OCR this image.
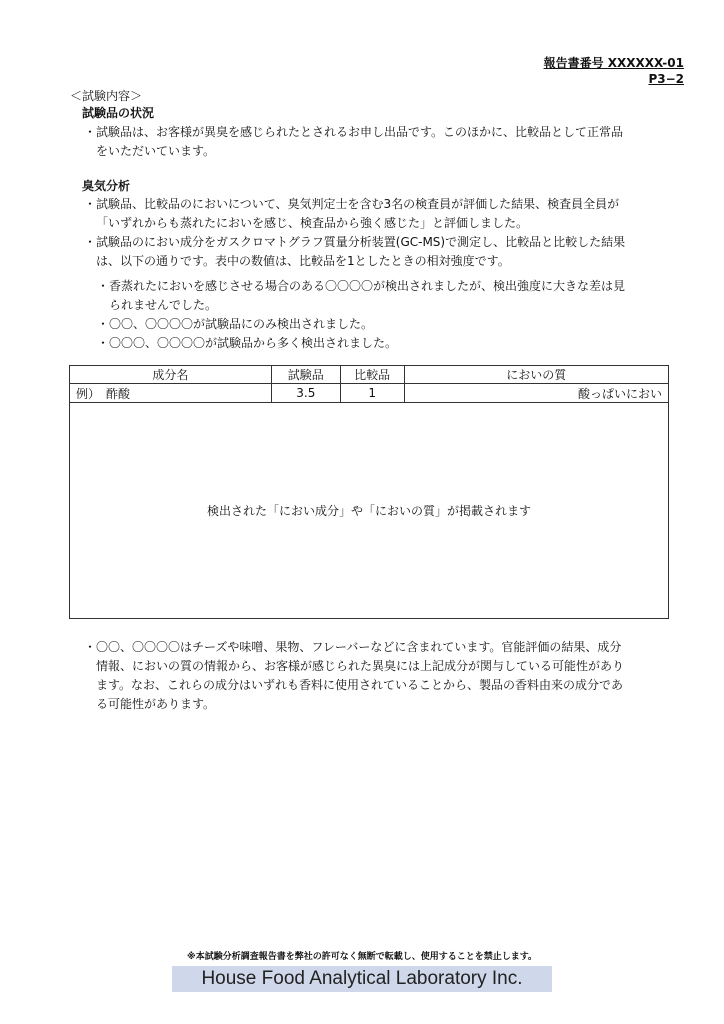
報告書番号 XXXXXX-01
P3−2
＜試験内容＞
試験品の状況
・試験品は、お客様が異臭を感じられたとされるお申し出品です。このほかに、比較品として正常品
をいただいています。
臭気分析
・試験品、比較品のにおいについて、臭気判定士を含む3名の検査員が評価した結果、検査員全員が
「いずれからも蒸れたにおいを感じ、検査品から強く感じた」と評価しました。
・試験品のにおい成分をガスクロマトグラフ質量分析装置(GC-MS)で測定し、比較品と比較した結果
は、以下の通りです。表中の数値は、比較品を1としたときの相対強度です。
・香蒸れたにおいを感じさせる場合のある〇〇〇〇が検出されましたが、検出強度に大きな差は見
られませんでした。
・〇〇、〇〇〇〇が試験品にのみ検出されました。
・〇〇〇、〇〇〇〇が試験品から多く検出されました。
成分名	試験品	比較品	においの質
例）　酢酸	3.5	1	酸っぱいにおい
検出された「におい成分」や「においの質」が掲載されます			
・〇〇、〇〇〇〇はチーズや味噌、果物、フレーバーなどに含まれています。官能評価の結果、成分
情報、においの質の情報から、お客様が感じられた異臭には上記成分が関与している可能性があり
ます。なお、これらの成分はいずれも香料に使用されていることから、製品の香料由来の成分であ
る可能性があります。
※本試験分析調査報告書を弊社の許可なく無断で転載し、使用することを禁止します。
House Food Analytical Laboratory Inc.
